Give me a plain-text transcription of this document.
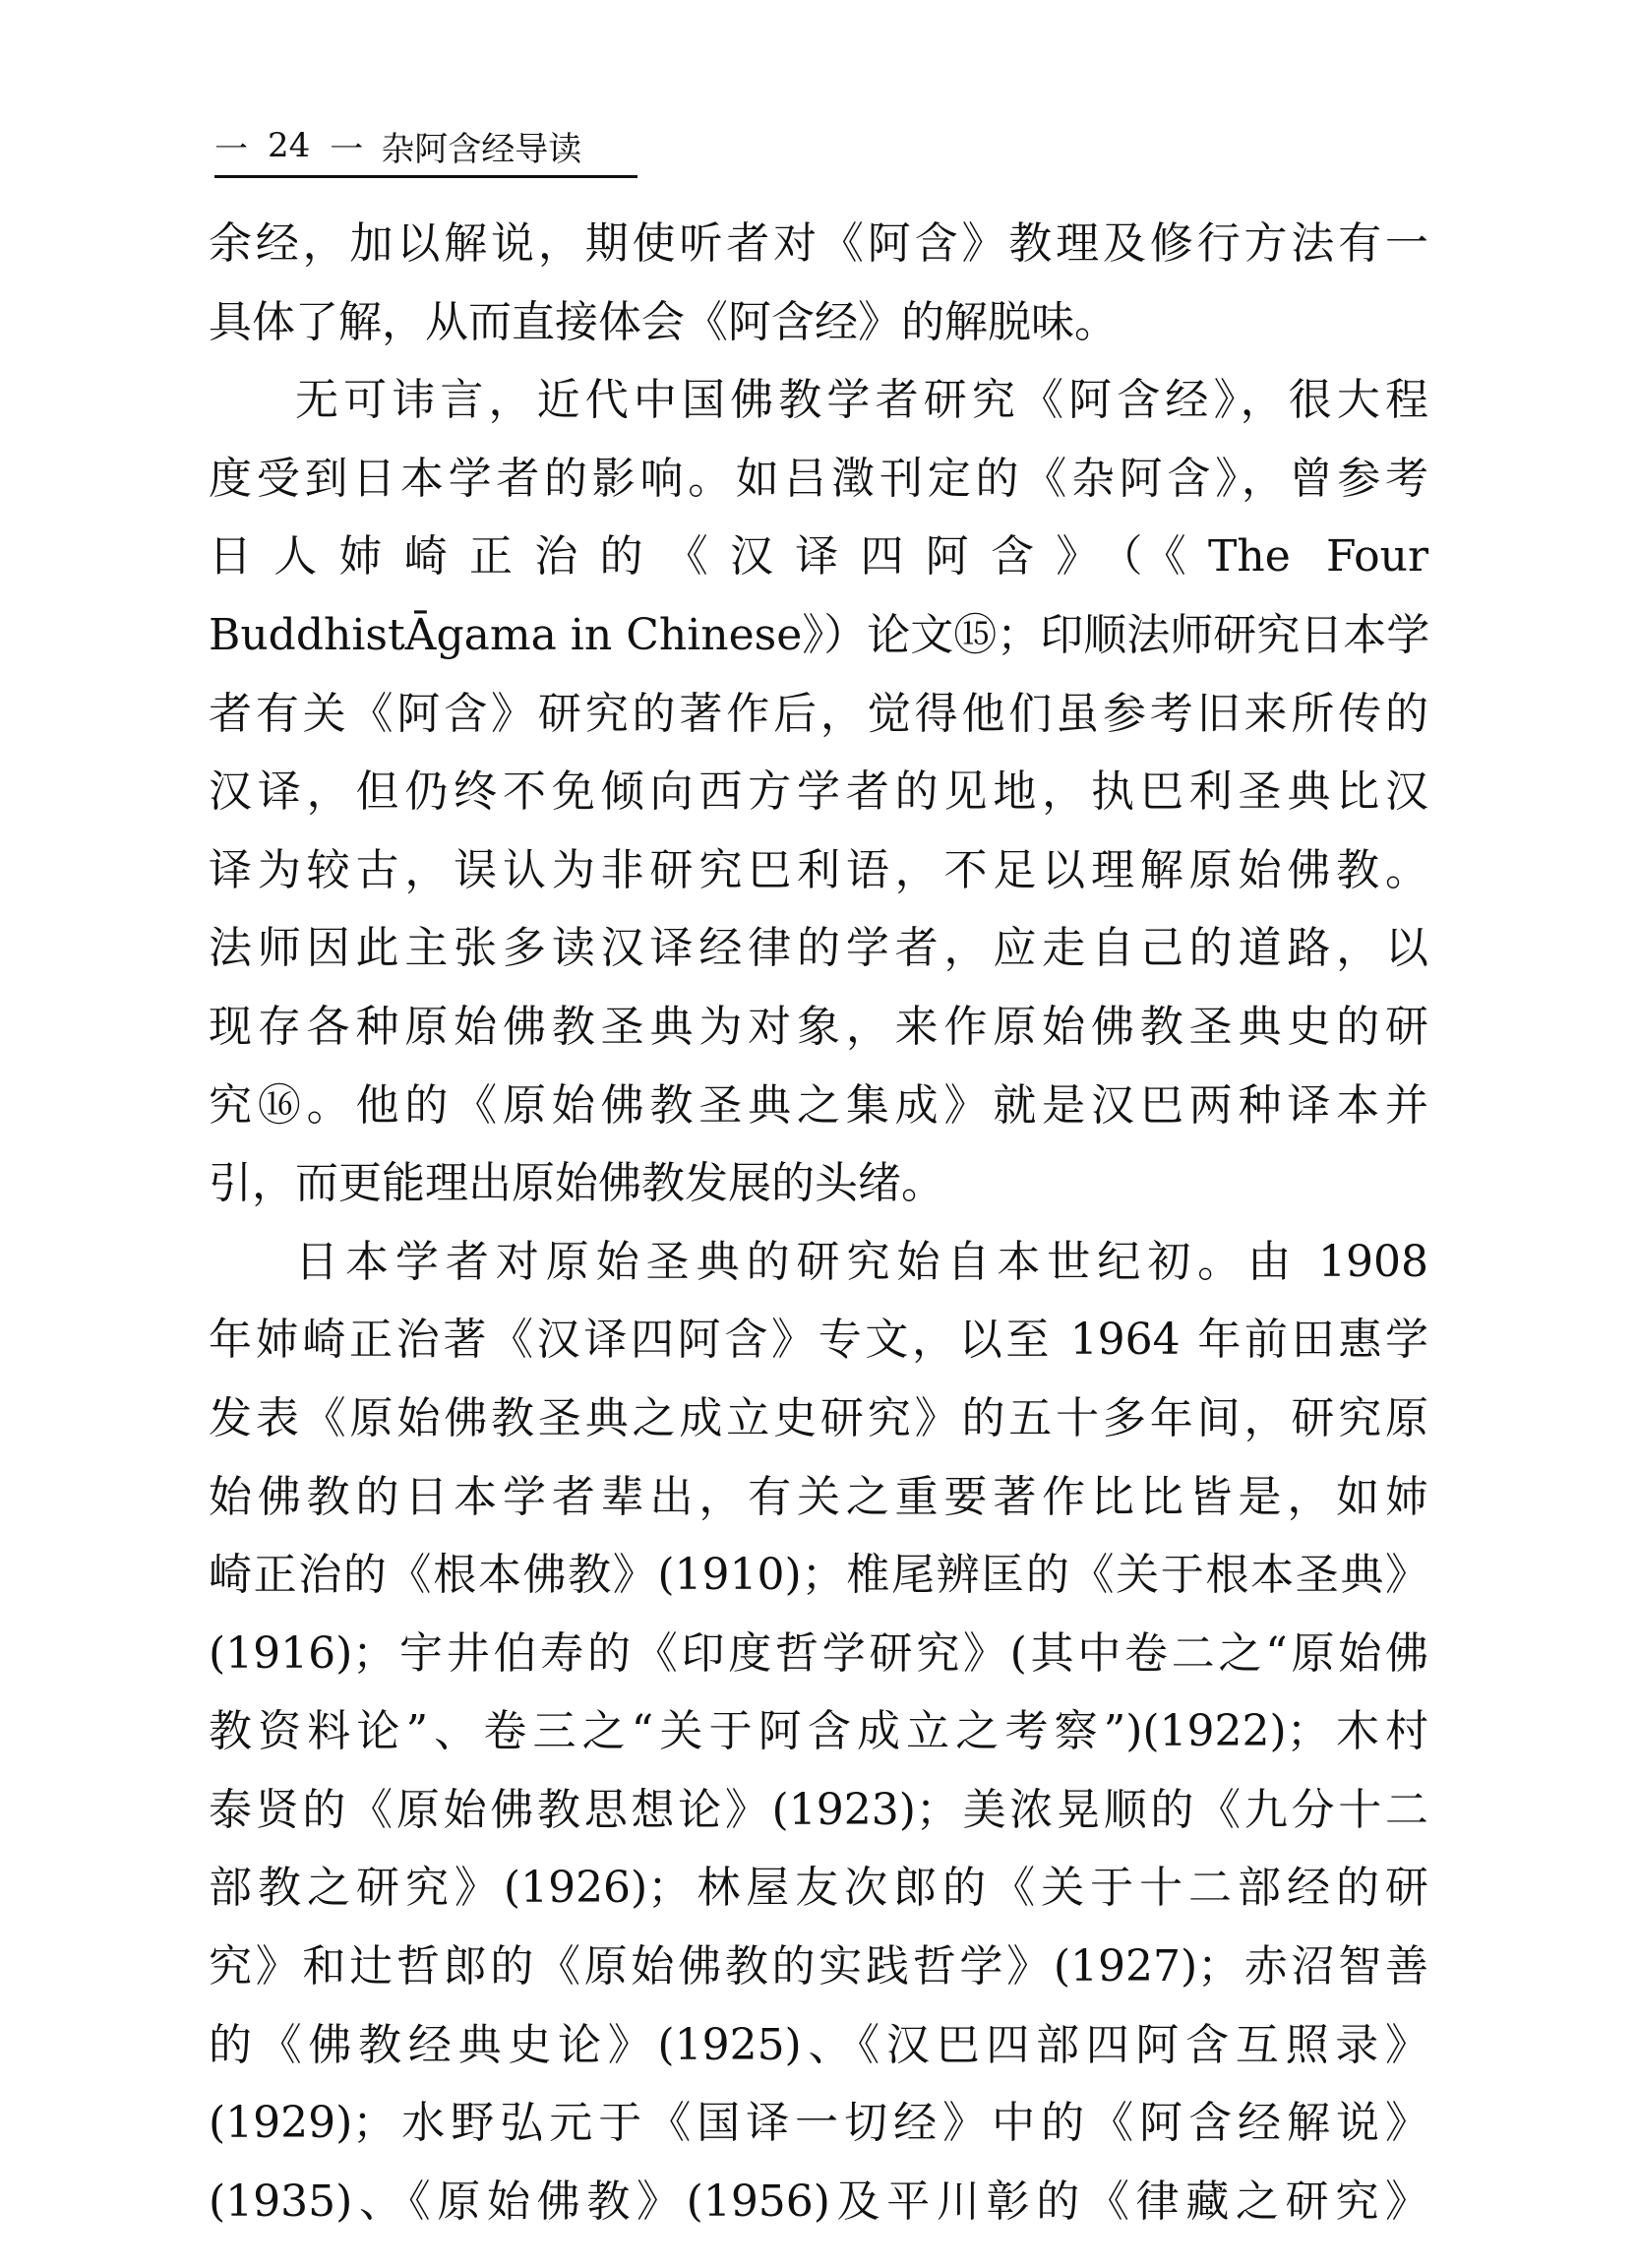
一 24 一 杂阿含经导读
余经，加以解说，期使听者对《阿含》教理及修行方法有一
具体了解，从而直接体会《阿含经》的解脱味。
无可讳言，近代中国佛教学者研究《阿含经》，很大程
度受到日本学者的影响。如吕澂刊定的《杂阿含》，曾参考
日人姉崎正治的《汉译四阿含》（《The Four
BuddhistĀgama in Chinese》）论文⑮；印顺法师研究日本学
者有关《阿含》研究的著作后，觉得他们虽参考旧来所传的
汉译，但仍终不免倾向西方学者的见地，执巴利圣典比汉
译为较古，误认为非研究巴利语，不足以理解原始佛教。
法师因此主张多读汉译经律的学者，应走自己的道路，以
现存各种原始佛教圣典为对象，来作原始佛教圣典史的研
究⑯。他的《原始佛教圣典之集成》就是汉巴两种译本并
引，而更能理出原始佛教发展的头绪。
日本学者对原始圣典的研究始自本世纪初。由 1908
年姉崎正治著《汉译四阿含》专文，以至 1964 年前田惠学
发表《原始佛教圣典之成立史研究》的五十多年间，研究原
始佛教的日本学者辈出，有关之重要著作比比皆是，如姉
崎正治的《根本佛教》(1910)；椎尾辨匡的《关于根本圣典》
(1916)；宇井伯寿的《印度哲学研究》(其中卷二之“原始佛
教资料论”、卷三之“关于阿含成立之考察”)(1922)；木村
泰贤的《原始佛教思想论》(1923)；美浓晃顺的《九分十二
部教之研究》(1926)；林屋友次郎的《关于十二部经的研
究》和辻哲郎的《原始佛教的实践哲学》(1927)；赤沼智善
的《佛教经典史论》(1925)、《汉巴四部四阿含互照录》
(1929)；水野弘元于《国译一切经》中的《阿含经解说》
(1935)、《原始佛教》(1956)及平川彰的《律藏之研究》
